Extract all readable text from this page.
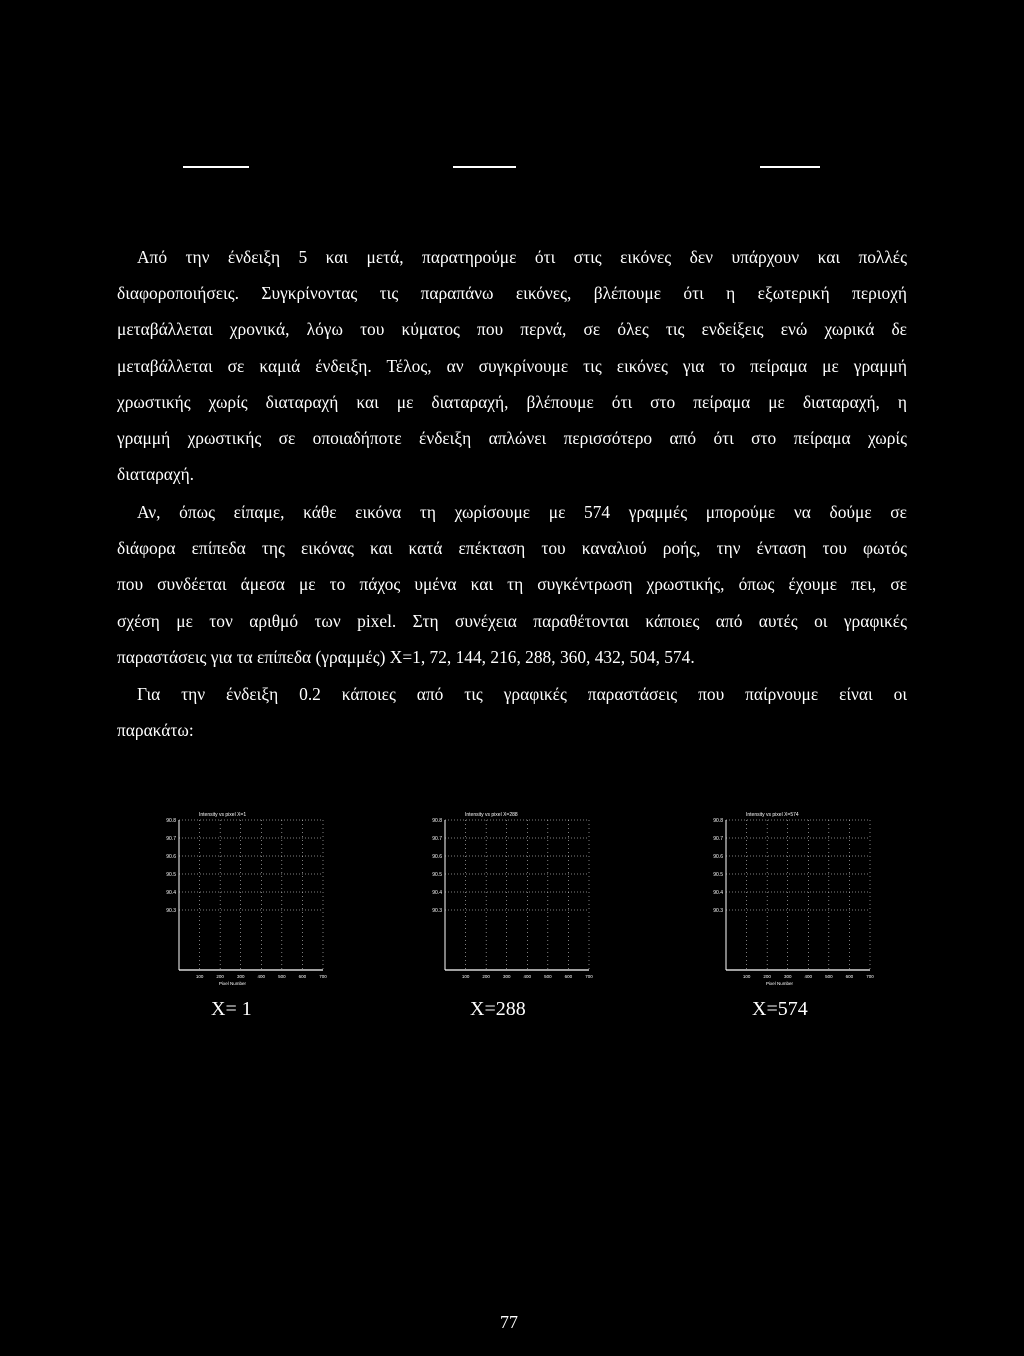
Από την ένδειξη 5 και μετά, παρατηρούμε ότι στις εικόνες δεν υπάρχουν και πολλές
διαφοροποιήσεις. Συγκρίνοντας τις παραπάνω εικόνες, βλέπουμε ότι η εξωτερική περιοχή
μεταβάλλεται χρονικά, λόγω του κύματος που περνά, σε όλες τις ενδείξεις ενώ χωρικά δε
μεταβάλλεται σε καμιά ένδειξη. Τέλος, αν συγκρίνουμε τις εικόνες για το πείραμα με γραμμή
χρωστικής χωρίς διαταραχή και με διαταραχή, βλέπουμε ότι στο πείραμα με διαταραχή, η
γραμμή χρωστικής σε οποιαδήποτε ένδειξη απλώνει περισσότερο από ότι στο πείραμα χωρίς
διαταραχή.

Αν, όπως είπαμε, κάθε εικόνα τη χωρίσουμε με 574 γραμμές μπορούμε να δούμε σε
διάφορα επίπεδα της εικόνας και κατά επέκταση του καναλιού ροής, την ένταση του φωτός
που συνδέεται άμεσα με το πάχος υμένα και τη συγκέντρωση χρωστικής, όπως έχουμε πει, σε
σχέση με τον αριθμό των pixel. Στη συνέχεια παραθέτονται κάποιες από αυτές οι γραφικές
παραστάσεις για τα επίπεδα (γραμμές) X=1, 72, 144, 216, 288, 360, 432, 504, 574.

Για την ένδειξη 0.2 κάποιες από τις γραφικές παραστάσεις που παίρνουμε είναι οι
παρακάτω:

Intensity vs pixel X=1
90.8
90.7
90.6
90.5
90.4
90.3
100	200	300	400	500	600	700
Pixel Number
Intensity vs pixel X=288
90.8
90.7
90.6
90.5
90.4
90.3
100	200	300	400	500	600	700
Intensity vs pixel X=574
90.8
90.7
90.6
90.5
90.4
90.3
100	200	300	400	500	600	700
Pixel Number
X= 1	X=288	X=574
77
